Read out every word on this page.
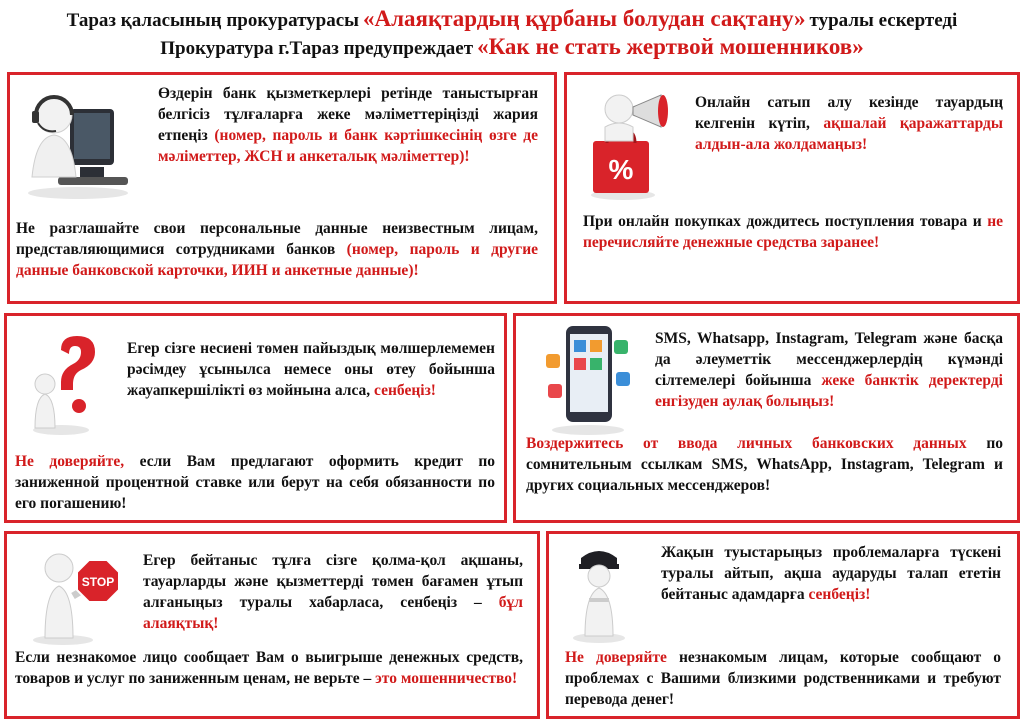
Тараз қаласының прокуратурасы «Алаяқтардың құрбаны болудан сақтану» туралы ескертеді
Прокуратура г.Тараз предупреждает «Как не стать жертвой мошенников»

Өздерін банк қызметкерлері ретінде таныстырған белгісіз тұлғаларға жеке мәліметтеріңізді жария етпеңіз (номер, пароль и банк кәртішкесінің өзге де мәліметтер, ЖСН и анкеталық мәліметтер)!

Не разглашайте свои персональные данные неизвестным лицам, представляющимися сотрудниками банков (номер, пароль и другие данные банковской карточки, ИИН и анкетные данные)!

%

Онлайн сатып алу кезінде тауардың келгенін күтіп, ақшалай қаражаттарды алдын-ала жолдамаңыз!

При онлайн покупках дождитесь поступления товара и не перечисляйте денежные средства заранее!

Егер сізге несиені төмен пайыздық мөлшерлемемен рәсімдеу ұсынылса немесе оны өтеу бойынша жауапкершілікті өз мойнына алса, сенбеңіз!

Не доверяйте, если Вам предлагают оформить кредит по заниженной процентной ставке или берут на себя обязанности по его погашению!

SMS, Whatsapp, Instagram, Telegram және басқа да әлеуметтік мессенджерлердің күмәнді сілтемелері бойынша жеке банктік деректерді енгізуден аулақ болыңыз!

Воздержитесь от ввода личных банковских данных по сомнительным ссылкам SMS, WhatsApp, Instagram, Telegram и других социальных мессенджеров!

STOP

Егер бейтаныс тұлға сізге қолма-қол ақшаны, тауарларды және қызметтерді төмен бағамен ұтып алғаныңыз туралы хабарласа, сенбеңіз – бұл алаяқтық!

Если незнакомое лицо сообщает Вам о выигрыше денежных средств, товаров и услуг по заниженным ценам, не верьте – это мошенничество!

Жақын туыстарыңыз проблемаларға түскені туралы айтып, ақша аударуды талап ететін бейтаныс адамдарға сенбеңіз!

Не доверяйте незнакомым лицам, которые сообщают о проблемах с Вашими близкими родственниками и требуют перевода денег!
